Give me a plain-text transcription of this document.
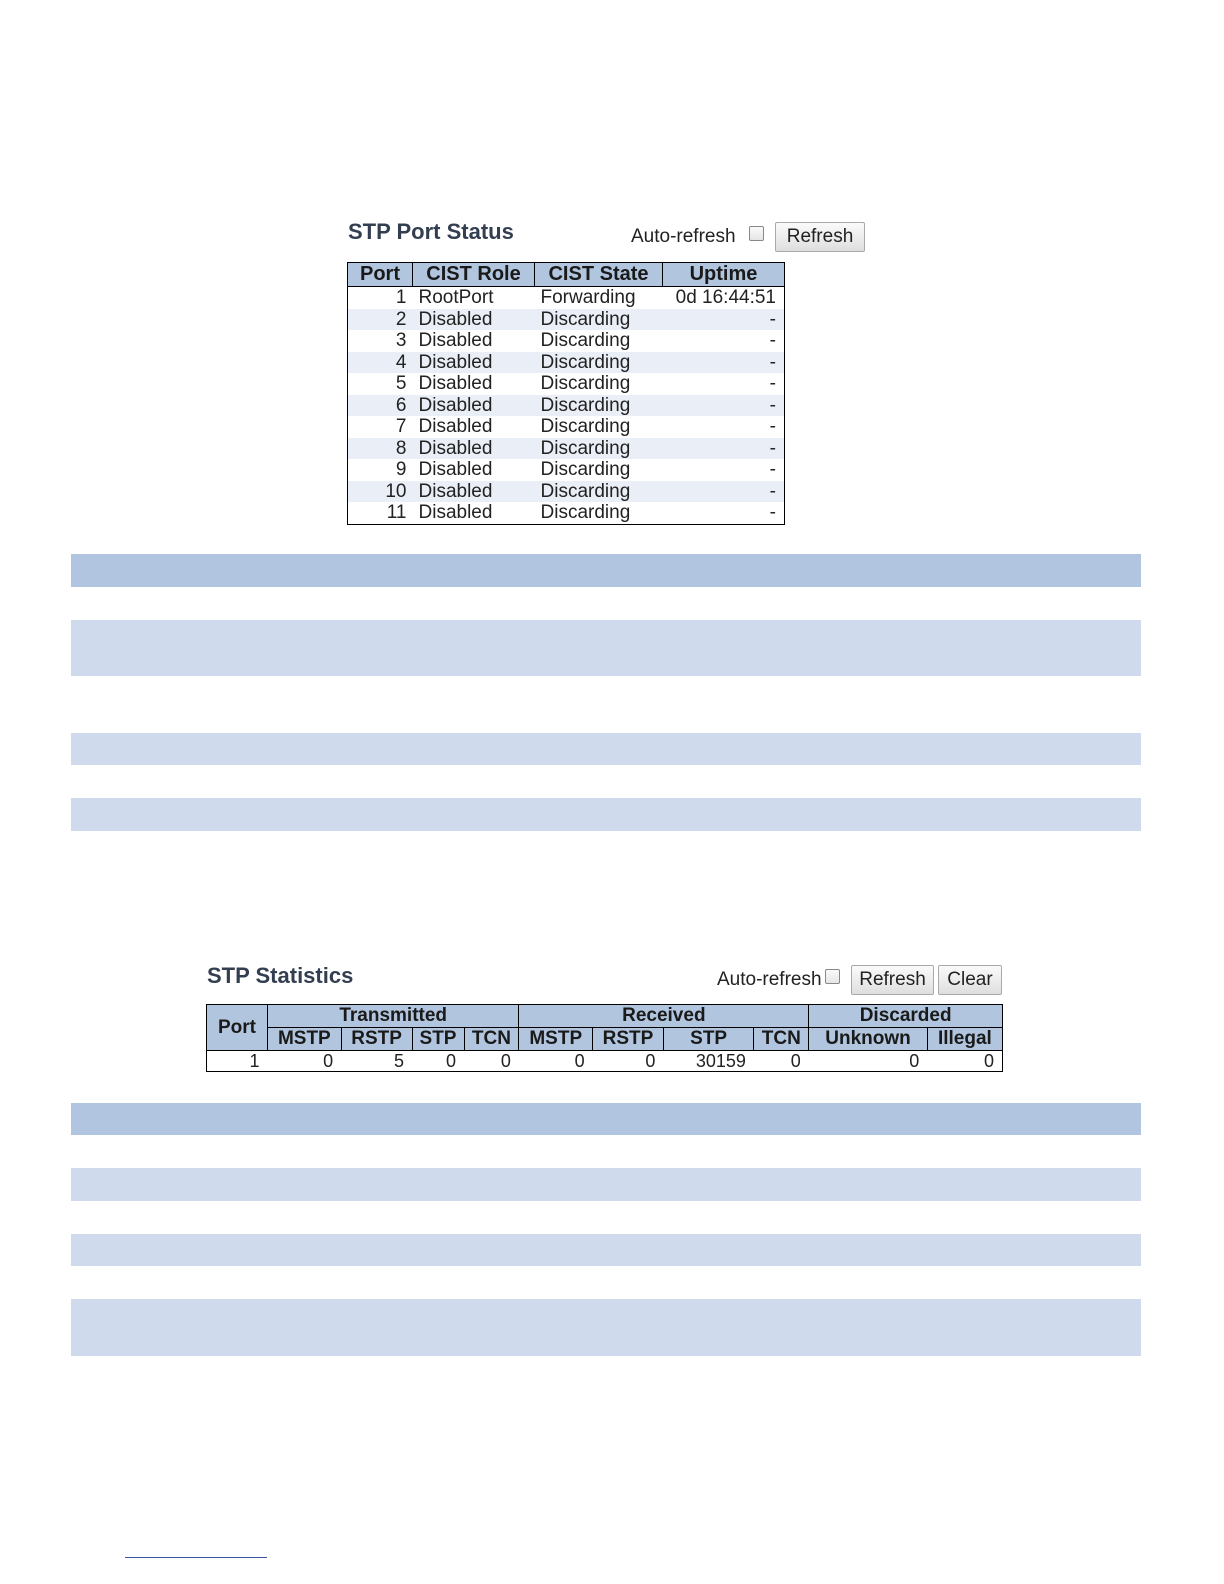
STP Port Status	Auto-refresh	Refresh
Port	CIST Role	CIST State	Uptime
1	RootPort	Forwarding	0d 16:44:51
2	Disabled	Discarding	-
3	Disabled	Discarding	-
4	Disabled	Discarding	-
5	Disabled	Discarding	-
6	Disabled	Discarding	-
7	Disabled	Discarding	-
8	Disabled	Discarding	-
9	Disabled	Discarding	-
10	Disabled	Discarding	-
11	Disabled	Discarding	-
STP Statistics	Auto-refresh	Refresh	Clear
Port	Transmitted				Received				Discarded	
	MSTP	RSTP	STP	TCN	MSTP	RSTP	STP	TCN	Unknown	Illegal
1	0	5	0	0	0	0	30159	0	0	0
